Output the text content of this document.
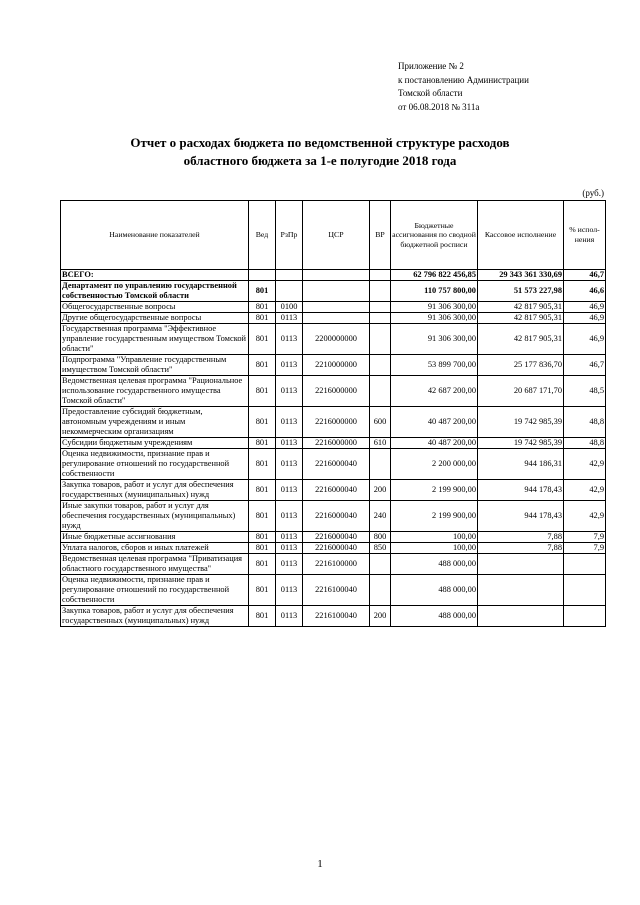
Приложение № 2
к постановлению Администрации
Томской области
от 06.08.2018 № 311а
Отчет о расходах бюджета по ведомственной структуре расходов
областного бюджета за 1-е полугодие 2018 года
(руб.)
Наименование показателей	Вед	РзПр	ЦСР	ВР	Бюджетные ассигнования по сводной бюджетной росписи	Кассовое исполнение	% испол-нения
ВСЕГО:					62 796 822 456,85	29 343 361 330,69	46,7
Департамент по управлению государственной собственностью Томской области	801				110 757 800,00	51 573 227,98	46,6
Общегосударственные вопросы	801	0100			91 306 300,00	42 817 905,31	46,9
Другие общегосударственные вопросы	801	0113			91 306 300,00	42 817 905,31	46,9
Государственная программа "Эффективное управление государственным имуществом Томской области"	801	0113	2200000000		91 306 300,00	42 817 905,31	46,9
Подпрограмма "Управление государственным имуществом Томской области"	801	0113	2210000000		53 899 700,00	25 177 836,70	46,7
Ведомственная целевая программа "Рациональное использование государственного имущества Томской области"	801	0113	2216000000		42 687 200,00	20 687 171,70	48,5
Предоставление субсидий бюджетным, автономным учреждениям и иным некоммерческим организациям	801	0113	2216000000	600	40 487 200,00	19 742 985,39	48,8
Субсидии бюджетным учреждениям	801	0113	2216000000	610	40 487 200,00	19 742 985,39	48,8
Оценка недвижимости, признание прав и регулирование отношений по государственной собственности	801	0113	2216000040		2 200 000,00	944 186,31	42,9
Закупка товаров, работ и услуг для обеспечения государственных (муниципальных) нужд	801	0113	2216000040	200	2 199 900,00	944 178,43	42,9
Иные закупки товаров, работ и услуг для обеспечения государственных (муниципальных) нужд	801	0113	2216000040	240	2 199 900,00	944 178,43	42,9
Иные бюджетные ассигнования	801	0113	2216000040	800	100,00	7,88	7,9
Уплата налогов, сборов и иных платежей	801	0113	2216000040	850	100,00	7,88	7,9
Ведомственная целевая программа "Приватизация областного государственного имущества"	801	0113	2216100000		488 000,00		
Оценка недвижимости, признание прав и регулирование отношений по государственной собственности	801	0113	2216100040		488 000,00		
Закупка товаров, работ и услуг для обеспечения государственных (муниципальных) нужд	801	0113	2216100040	200	488 000,00		
1
